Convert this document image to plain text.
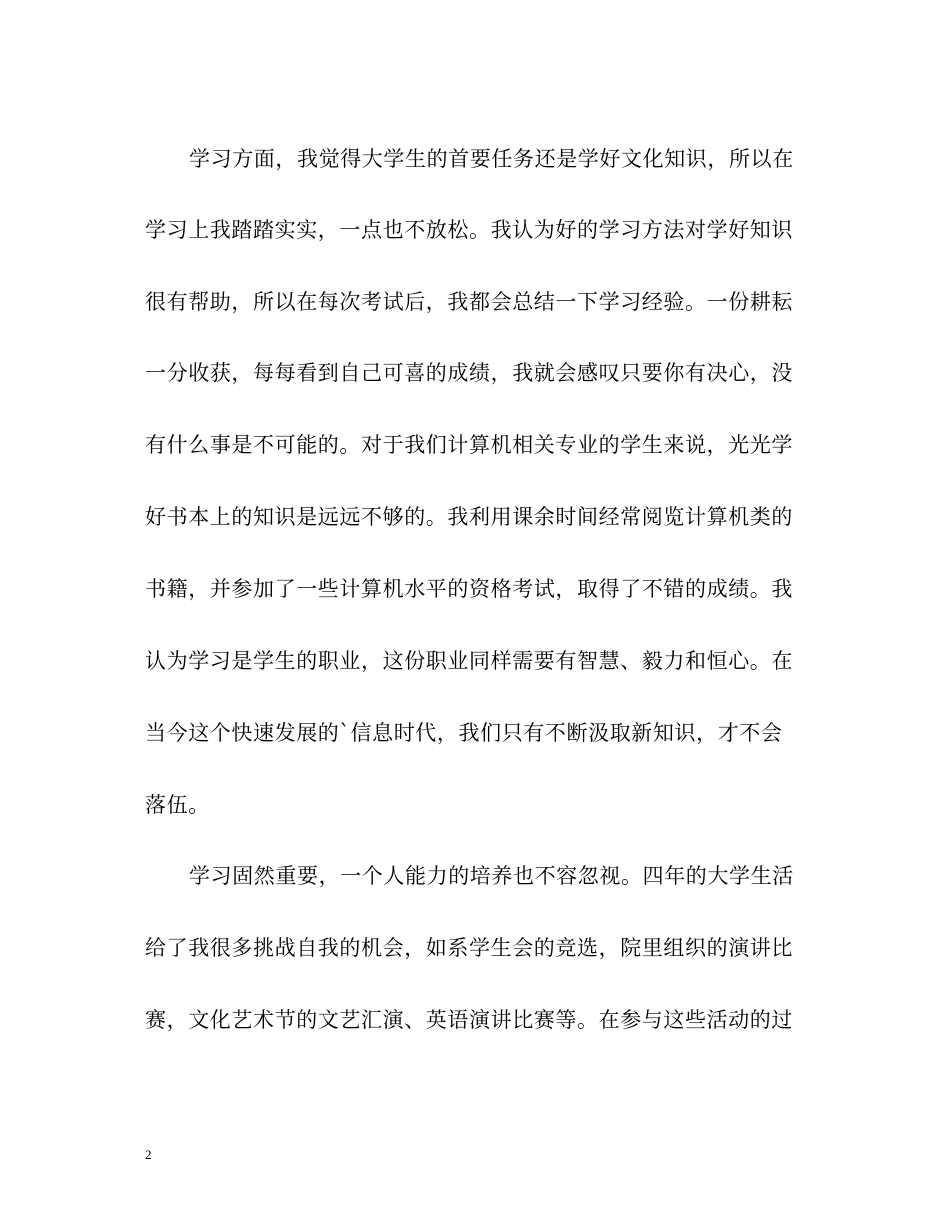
学习方面，我觉得大学生的首要任务还是学好文化知识，所以在
学习上我踏踏实实，一点也不放松。我认为好的学习方法对学好知识
很有帮助，所以在每次考试后，我都会总结一下学习经验。一份耕耘
一分收获，每每看到自己可喜的成绩，我就会感叹只要你有决心，没
有什么事是不可能的。对于我们计算机相关专业的学生来说，光光学
好书本上的知识是远远不够的。我利用课余时间经常阅览计算机类的
书籍，并参加了一些计算机水平的资格考试，取得了不错的成绩。我
认为学习是学生的职业，这份职业同样需要有智慧、毅力和恒心。在
当今这个快速发展的`信息时代，我们只有不断汲取新知识，才不会
落伍。
学习固然重要，一个人能力的培养也不容忽视。四年的大学生活
给了我很多挑战自我的机会，如系学生会的竞选，院里组织的演讲比
赛，文化艺术节的文艺汇演、英语演讲比赛等。在参与这些活动的过
2
